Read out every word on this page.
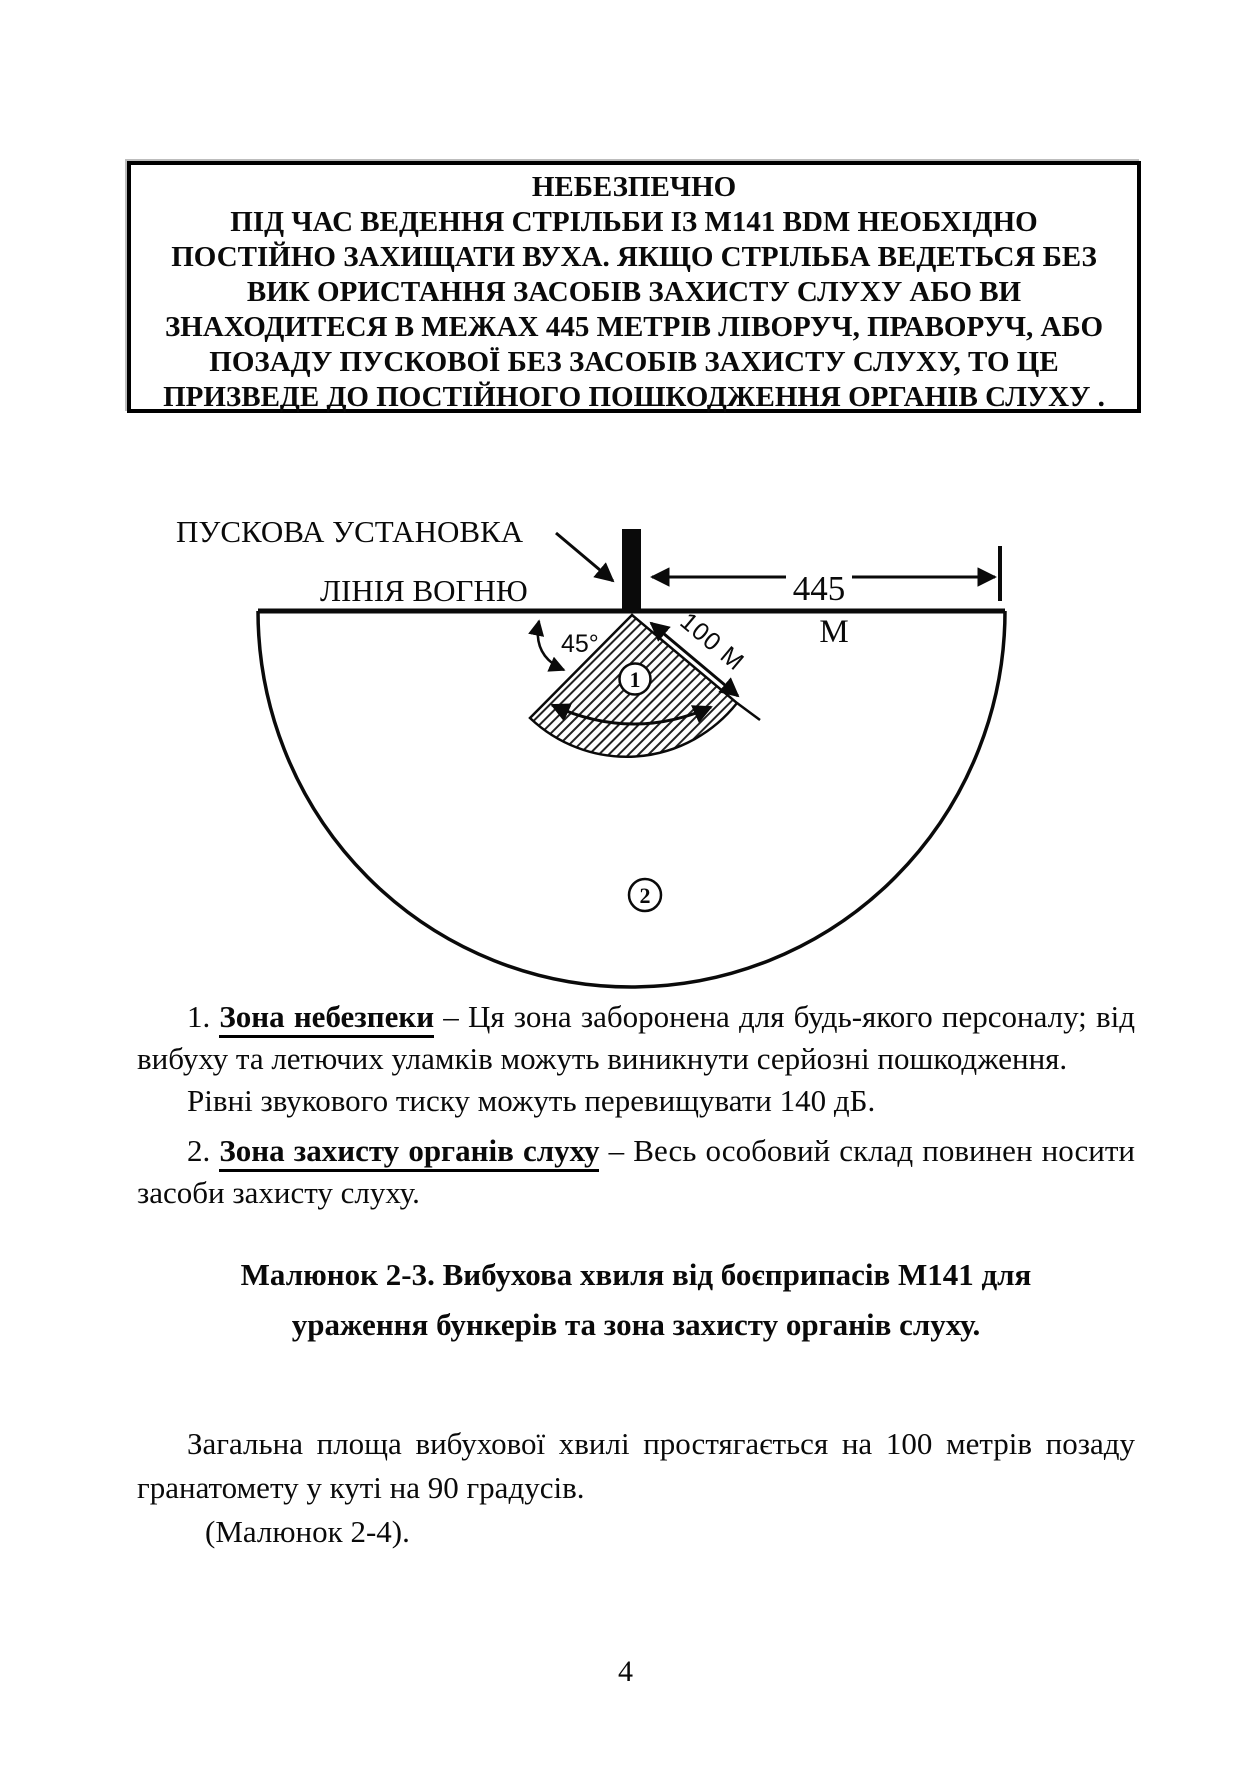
НЕБЕЗПЕЧНО
ПІД ЧАС ВЕДЕННЯ СТРІЛЬБИ ІЗ М141 BDM НЕОБХІДНО
ПОСТІЙНО ЗАХИЩАТИ ВУХА. ЯКЩО СТРІЛЬБА ВЕДЕТЬСЯ БЕЗ
ВИК ОРИСТАННЯ ЗАСОБІВ ЗАХИСТУ СЛУХУ АБО ВИ
ЗНАХОДИТЕСЯ В МЕЖАХ 445 МЕТРІВ ЛІВОРУЧ, ПРАВОРУЧ, АБО
ПОЗАДУ ПУСКОВОЇ БЕЗ ЗАСОБІВ ЗАХИСТУ СЛУХУ, ТО ЦЕ
ПРИЗВЕДЕ ДО ПОСТІЙНОГО ПОШКОДЖЕННЯ ОРГАНІВ СЛУХУ .
ПУСКОВА УСТАНОВКА
ЛІНІЯ ВОГНЮ	445
М
45°	100 М
1
2

1. Зона небезпеки – Ця зона заборонена для будь-якого персоналу; від вибуху та летючих уламків можуть виникнути серйозні пошкодження.

Рівні звукового тиску можуть перевищувати 140 дБ.

2. Зона захисту органів слуху – Весь особовий склад повинен носити засоби захисту слуху.

Малюнок 2-3. Вибухова хвиля від боєприпасів М141 для
ураження бункерів та зона захисту органів слуху.

Загальна площа вибухової хвилі простягається на 100 метрів позаду гранатомету у куті на 90 градусів.

(Малюнок 2-4).

4
